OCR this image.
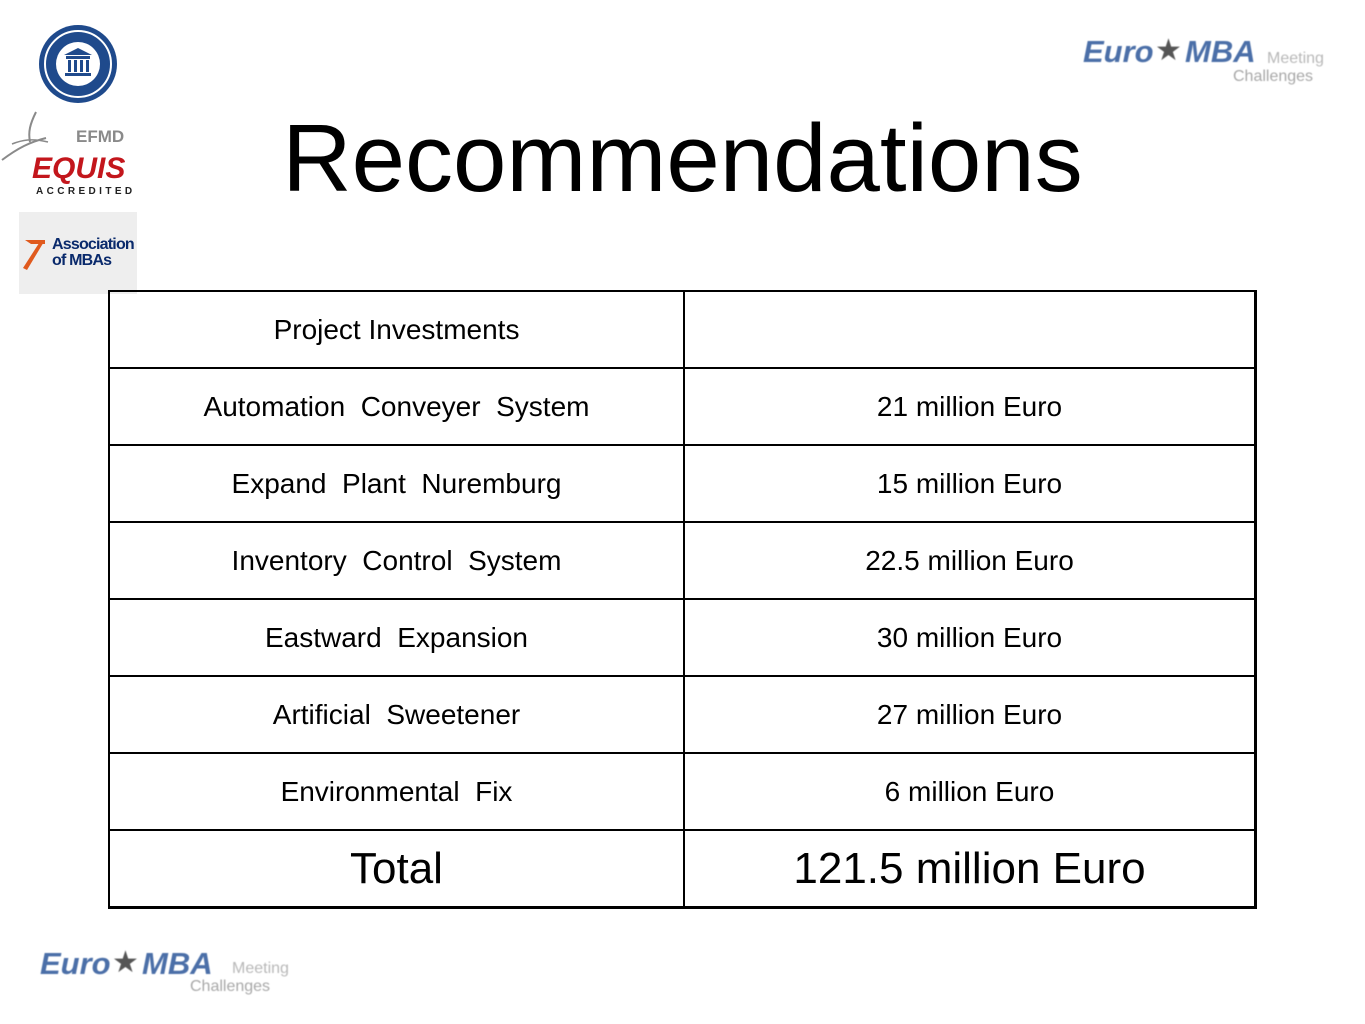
EFMD
EQUIS
ACCREDITED
Association
of MBAs
Euro ★ MBA Meeting
Challenges
Euro ★ MBA Meeting
Challenges
Recommendations
Project Investments	
Automation  Conveyer  System	21 million Euro
Expand  Plant  Nuremburg	15 million Euro
Inventory  Control  System	22.5 million Euro
Eastward  Expansion	30 million Euro
Artificial  Sweetener	27 million Euro
Environmental  Fix	6 million Euro
Total	121.5 million Euro
